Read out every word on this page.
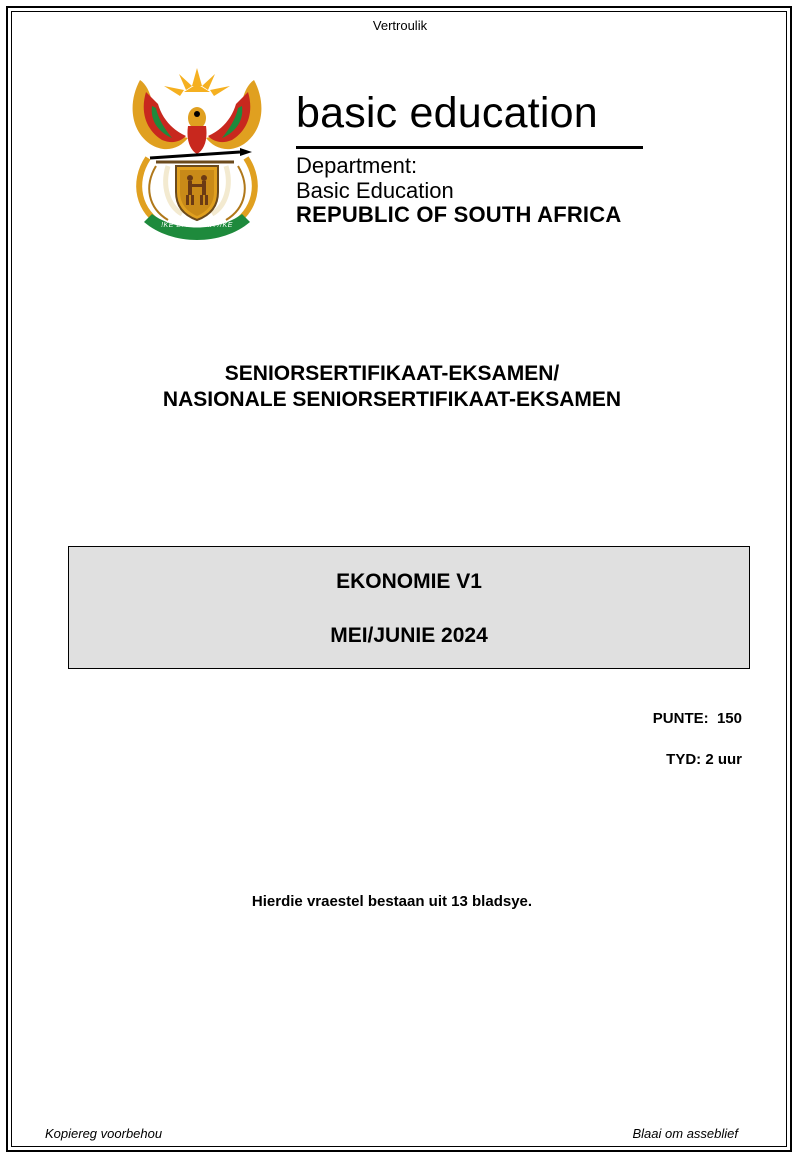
Vertroulik
!KE E: /XARRA //KE
basic education
Department:
Basic Education
REPUBLIC OF SOUTH AFRICA
SENIORSERTIFIKAAT-EKSAMEN/
NASIONALE SENIORSERTIFIKAAT-EKSAMEN
EKONOMIE V1
MEI/JUNIE 2024
PUNTE:  150
TYD: 2 uur
Hierdie vraestel bestaan uit 13 bladsye.
Kopiereg voorbehou	Blaai om asseblief
